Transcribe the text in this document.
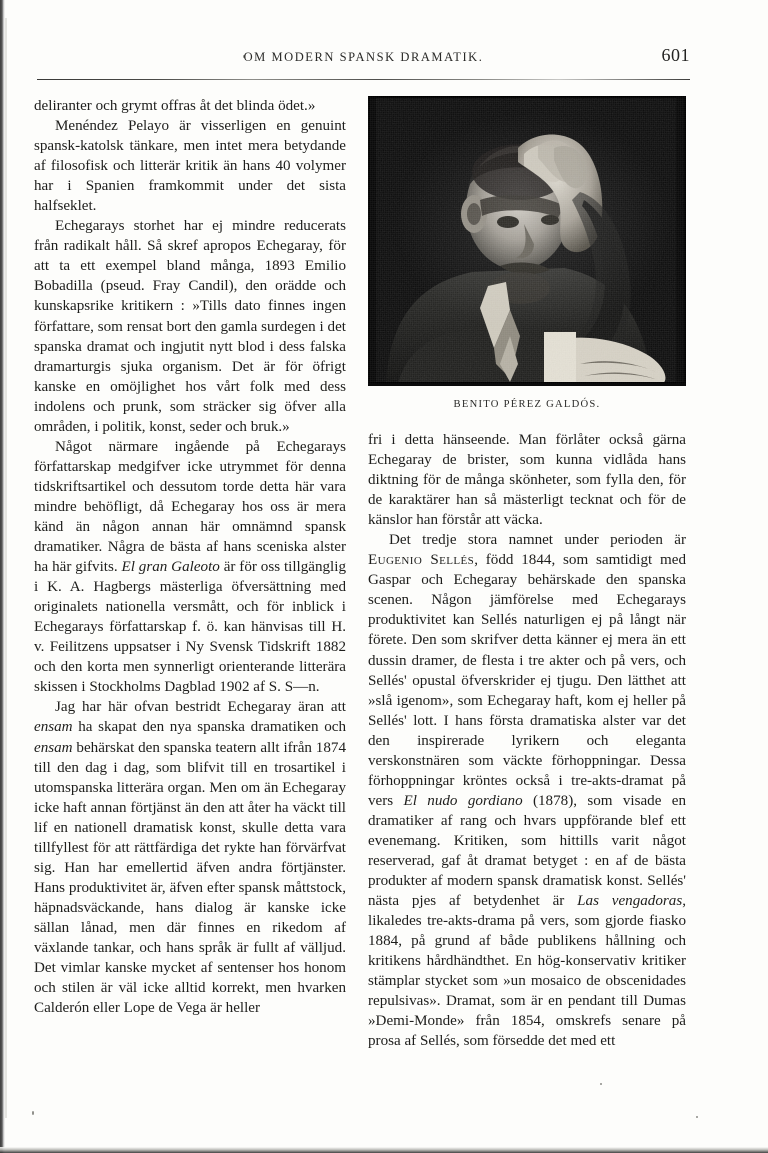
OM MODERN SPANSK DRAMATIK.	601
BENITO PÉREZ GALDÓS.

deliranter och grymt offras åt det blinda ödet.»

Menéndez Pelayo är visserligen en genuint spansk-katolsk tänkare, men intet mera betydande af filosofisk och litterär kritik än hans 40 volymer har i Spanien framkommit under det sista halfseklet.

Echegarays storhet har ej mindre reducerats från radikalt håll. Så skref apropos Echegaray, för att ta ett exempel bland många, 1893 Emilio Bobadilla (pseud. Fray Candil), den orädde och kunskapsrike kritikern : »Tills dato finnes ingen författare, som rensat bort den gamla surdegen i det spanska dramat och ingjutit nytt blod i dess falska dramarturgis sjuka organism. Det är för öfrigt kanske en omöjlighet hos vårt folk med dess indolens och prunk, som sträcker sig öfver alla områden, i politik, konst, seder och bruk.»

Något närmare ingående på Echegarays författarskap medgifver icke utrymmet för denna tidskriftsartikel och dessutom torde detta här vara mindre behöfligt, då Echegaray hos oss är mera känd än någon annan här omnämnd spansk dramatiker. Några de bästa af hans sceniska alster ha här gifvits. El gran Galeoto är för oss tillgänglig i K. A. Hagbergs mästerliga öfversättning med originalets nationella versmått, och för inblick i Echegarays författarskap f. ö. kan hänvisas till H. v. Feilitzens uppsatser i Ny Svensk Tidskrift 1882 och den korta men synnerligt orienterande litterära skissen i Stockholms Dagblad 1902 af S. S—n.

Jag har här ofvan bestridt Echegaray äran att ensam ha skapat den nya spanska dramatiken och ensam behärskat den spanska teatern allt ifrån 1874 till den dag i dag, som blifvit till en trosartikel i utomspanska litterära organ. Men om än Echegaray icke haft annan förtjänst än den att åter ha väckt till lif en nationell dramatisk konst, skulle detta vara tillfyllest för att rättfärdiga det rykte han förvärfvat sig. Han har emellertid äfven andra förtjänster. Hans produktivitet är, äfven efter spansk måttstock, häpnadsväckande, hans dialog är kanske icke sällan lånad, men där finnes en rikedom af växlande tankar, och hans språk är fullt af välljud. Det vimlar kanske mycket af sentenser hos honom och stilen är väl icke alltid korrekt, men hvarken Calderón eller Lope de Vega är heller

fri i detta hänseende. Man förlåter också gärna Echegaray de brister, som kunna vidlåda hans diktning för de många skönheter, som fylla den, för de karaktärer han så mästerligt tecknat och för de känslor han förstår att väcka.

Det tredje stora namnet under perioden är Eugenio Sellés, född 1844, som samtidigt med Gaspar och Echegaray behärskade den spanska scenen. Någon jämförelse med Echegarays produktivitet kan Sellés naturligen ej på långt när förete. Den som skrifver detta känner ej mera än ett dussin dramer, de flesta i tre akter och på vers, och Sellés' opustal öfverskrider ej tjugu. Den lätthet att »slå igenom», som Echegaray haft, kom ej heller på Sellés' lott. I hans första dramatiska alster var det den inspirerade lyrikern och eleganta verskonstnären som väckte förhoppningar. Dessa förhoppningar kröntes också i tre-akts-dramat på vers El nudo gordiano (1878), som visade en dramatiker af rang och hvars uppförande blef ett evenemang. Kritiken, som hittills varit något reserverad, gaf åt dramat betyget : en af de bästa produkter af modern spansk dramatisk konst. Sellés' nästa pjes af betydenhet är Las vengadoras, likaledes tre-akts-drama på vers, som gjorde fiasko 1884, på grund af både publikens hållning och kritikens hårdhändthet. En hög-konservativ kritiker stämplar stycket som »un mosaico de obscenidades repulsivas». Dramat, som är en pendant till Dumas »Demi-Monde» från 1854, omskrefs senare på prosa af Sellés, som försedde det med ett
